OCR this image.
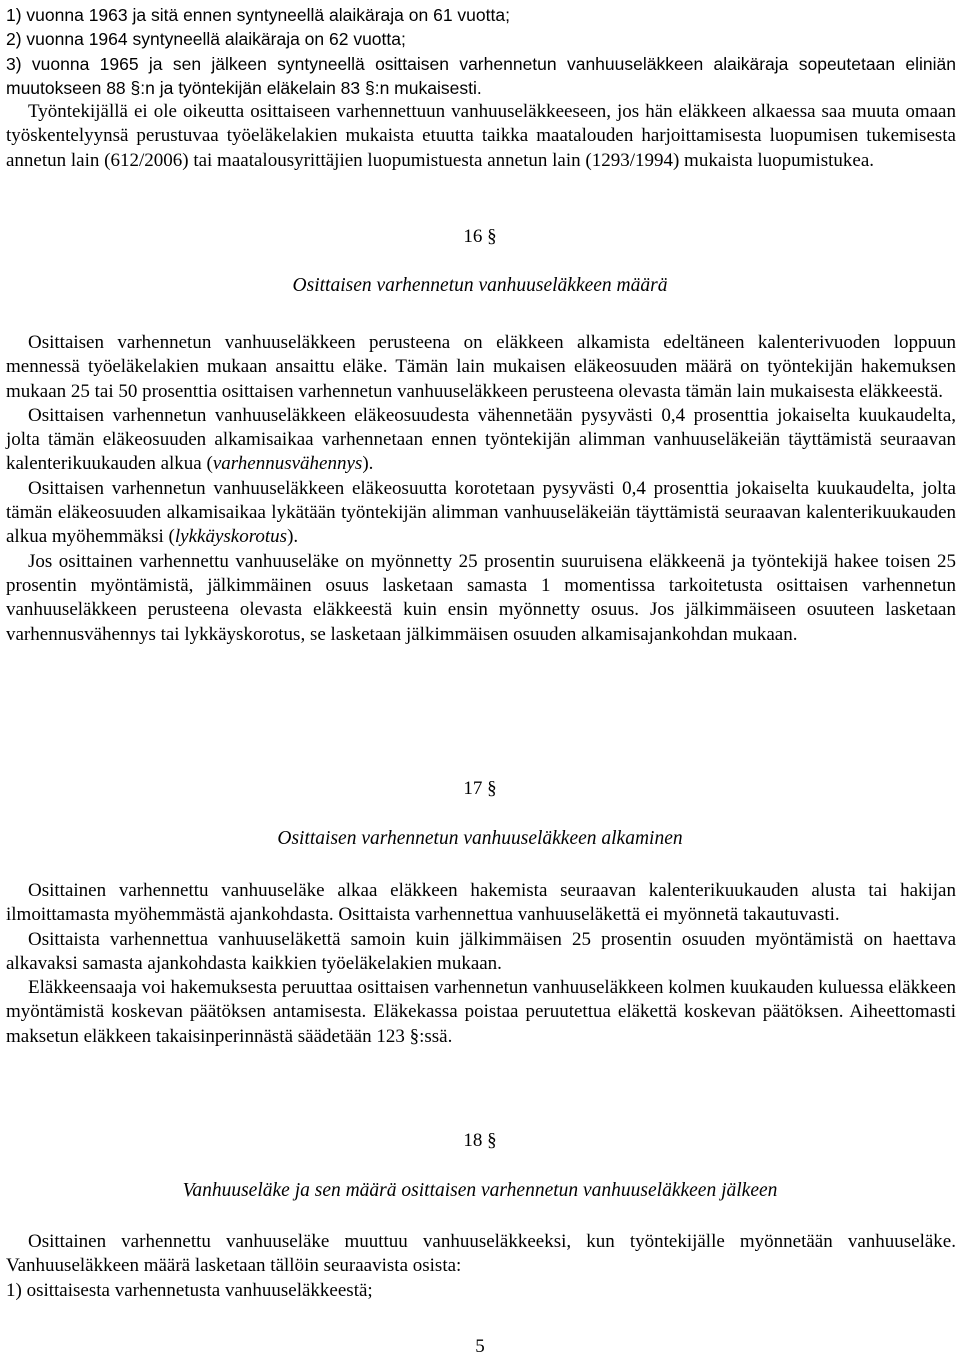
1) vuonna 1963 ja sitä ennen syntyneellä alaikäraja on 61 vuotta;

2) vuonna 1964 syntyneellä alaikäraja on 62 vuotta;

3) vuonna 1965 ja sen jälkeen syntyneellä osittaisen varhennetun vanhuuseläkkeen alaikäraja sopeutetaan eliniän muutokseen 88 §:n ja työntekijän eläkelain 83 §:n mukaisesti.

Työntekijällä ei ole oikeutta osittaiseen varhennettuun vanhuuseläkkeeseen, jos hän eläkkeen alkaessa saa muuta omaan työskentelyynsä perustuvaa työeläkelakien mukaista etuutta taikka maatalouden harjoittamisesta luopumisen tukemisesta annetun lain (612/2006) tai maatalousyrittäjien luopumistuesta annetun lain (1293/1994) mukaista luopumistukea.

16 §

Osittaisen varhennetun vanhuuseläkkeen määrä

Osittaisen varhennetun vanhuuseläkkeen perusteena on eläkkeen alkamista edeltäneen kalenterivuoden loppuun mennessä työeläkelakien mukaan ansaittu eläke. Tämän lain mukaisen eläkeosuuden määrä on työntekijän hakemuksen mukaan 25 tai 50 prosenttia osittaisen varhennetun vanhuuseläkkeen perusteena olevasta tämän lain mukaisesta eläkkeestä.

Osittaisen varhennetun vanhuuseläkkeen eläkeosuudesta vähennetään pysyvästi 0,4 prosenttia jokaiselta kuukaudelta, jolta tämän eläkeosuuden alkamisaikaa varhennetaan ennen työntekijän alimman vanhuuseläkeiän täyttämistä seuraavan kalenterikuukauden alkua (varhennusvähennys).

Osittaisen varhennetun vanhuuseläkkeen eläkeosuutta korotetaan pysyvästi 0,4 prosenttia jokaiselta kuukaudelta, jolta tämän eläkeosuuden alkamisaikaa lykätään työntekijän alimman vanhuuseläkeiän täyttämistä seuraavan kalenterikuukauden alkua myöhemmäksi (lykkäyskorotus).

Jos osittainen varhennettu vanhuuseläke on myönnetty 25 prosentin suuruisena eläkkeenä ja työntekijä hakee toisen 25 prosentin myöntämistä, jälkimmäinen osuus lasketaan samasta 1 momentissa tarkoitetusta osittaisen varhennetun vanhuuseläkkeen perusteena olevasta eläkkeestä kuin ensin myönnetty osuus. Jos jälkimmäiseen osuuteen lasketaan varhennusvähennys tai lykkäyskorotus, se lasketaan jälkimmäisen osuuden alkamisajankohdan mukaan.

17 §

Osittaisen varhennetun vanhuuseläkkeen alkaminen

Osittainen varhennettu vanhuuseläke alkaa eläkkeen hakemista seuraavan kalenterikuukauden alusta tai hakijan ilmoittamasta myöhemmästä ajankohdasta. Osittaista varhennettua vanhuuseläkettä ei myönnetä takautuvasti.

Osittaista varhennettua vanhuuseläkettä samoin kuin jälkimmäisen 25 prosentin osuuden myöntämistä on haettava alkavaksi samasta ajankohdasta kaikkien työeläkelakien mukaan.

Eläkkeensaaja voi hakemuksesta peruuttaa osittaisen varhennetun vanhuuseläkkeen kolmen kuukauden kuluessa eläkkeen myöntämistä koskevan päätöksen antamisesta. Eläkekassa poistaa peruutettua eläkettä koskevan päätöksen. Aiheettomasti maksetun eläkkeen takaisinperinnästä säädetään 123 §:ssä.

18 §

Vanhuuseläke ja sen määrä osittaisen varhennetun vanhuuseläkkeen jälkeen

Osittainen varhennettu vanhuuseläke muuttuu vanhuuseläkkeeksi, kun työntekijälle myönnetään vanhuuseläke. Vanhuuseläkkeen määrä lasketaan tällöin seuraavista osista:

1) osittaisesta varhennetusta vanhuuseläkkeestä;

5
